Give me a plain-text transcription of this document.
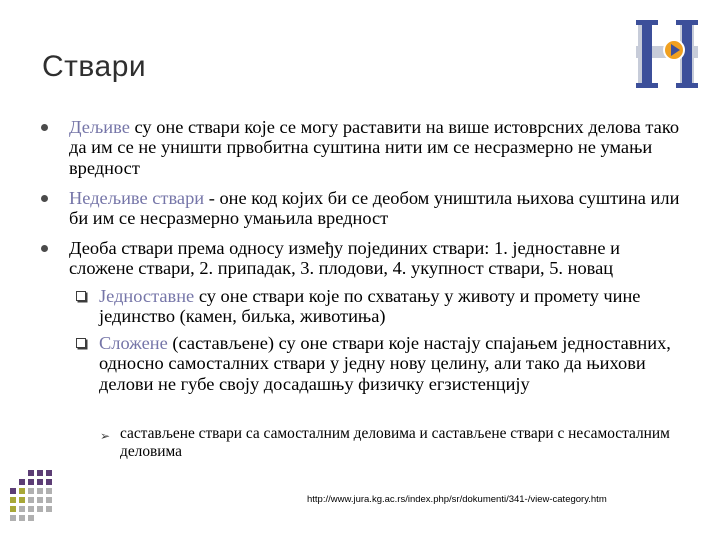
Ствари
Дељиве су оне ствари које се могу раставити на више истоврсних делова тако да им се не уништи првобитна суштина нити им се несразмерно не умањи вредност
Недељиве ствари - оне код којих би се деобом уништила њихова суштина или би им се несразмерно умањила вредност
Деоба ствари према односу између појединих ствари: 1. једноставне и сложене ствари, 2. припадак, 3. плодови, 4. укупност ствари, 5. новац
Једноставне су оне ствари које по схватању у животу и промету чине јединство (камен, биљка, животиња)
Сложене (састављене) су оне ствари које настају спајањем једноставних, односно самосталних ствари у једну нову целину, али тако да њихови делови не губе своју досадашњу физичку егзистенцију
➢ састављене ствари са самосталним деловима и састављене ствари с несамосталним деловима
http://www.jura.kg.ac.rs/index.php/sr/dokumenti/341-/view-category.htm
